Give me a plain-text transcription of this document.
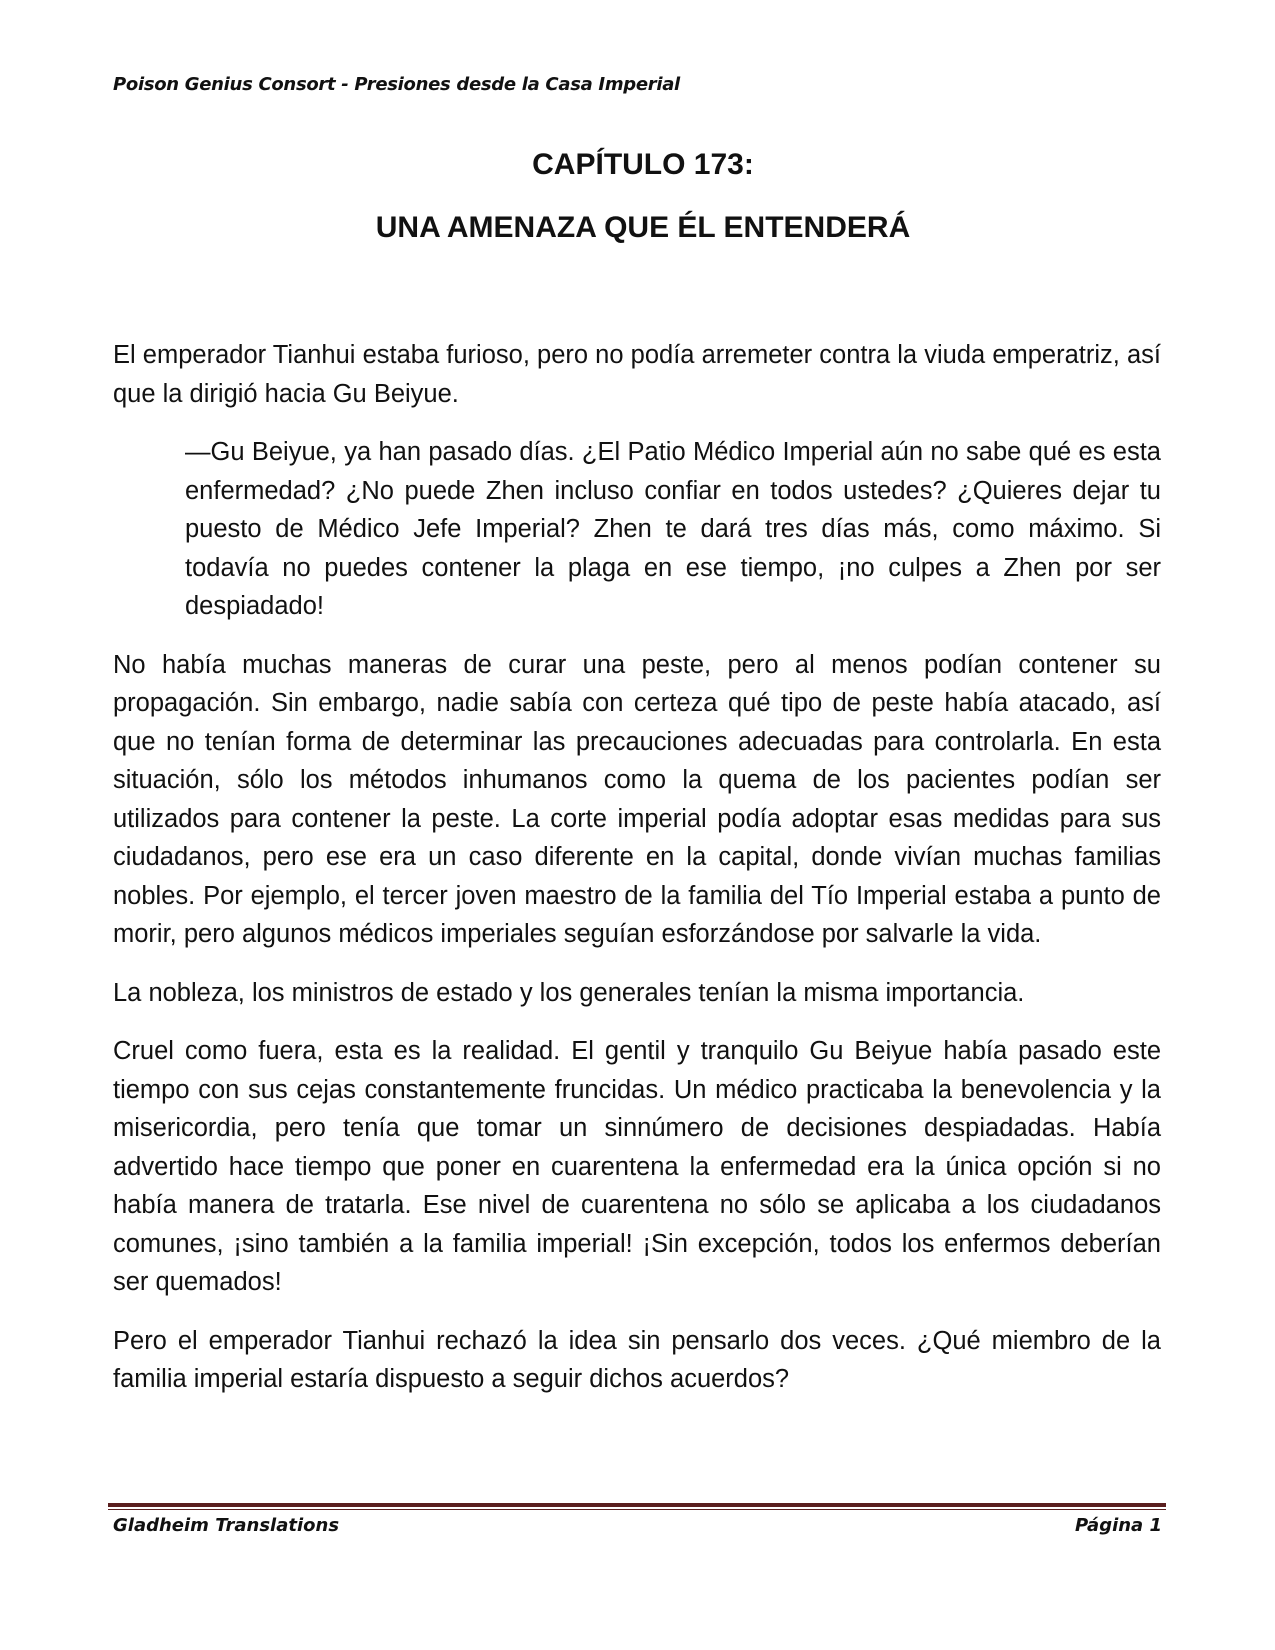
Poison Genius Consort - Presiones desde la Casa Imperial
CAPÍTULO 173:
UNA AMENAZA QUE ÉL ENTENDERÁ

El emperador Tianhui estaba furioso, pero no podía arremeter contra la viuda emperatriz, así que la dirigió hacia Gu Beiyue.

—Gu Beiyue, ya han pasado días. ¿El Patio Médico Imperial aún no sabe qué es esta enfermedad? ¿No puede Zhen incluso confiar en todos ustedes? ¿Quieres dejar tu puesto de Médico Jefe Imperial? Zhen te dará tres días más, como máximo. Si todavía no puedes contener la plaga en ese tiempo, ¡no culpes a Zhen por ser despiadado!

No había muchas maneras de curar una peste, pero al menos podían contener su propagación. Sin embargo, nadie sabía con certeza qué tipo de peste había atacado, así que no tenían forma de determinar las precauciones adecuadas para controlarla. En esta situación, sólo los métodos inhumanos como la quema de los pacientes podían ser utilizados para contener la peste. La corte imperial podía adoptar esas medidas para sus ciudadanos, pero ese era un caso diferente en la capital, donde vivían muchas familias nobles. Por ejemplo, el tercer joven maestro de la familia del Tío Imperial estaba a punto de morir, pero algunos médicos imperiales seguían esforzándose por salvarle la vida.

La nobleza, los ministros de estado y los generales tenían la misma importancia.

Cruel como fuera, esta es la realidad. El gentil y tranquilo Gu Beiyue había pasado este tiempo con sus cejas constantemente fruncidas. Un médico practicaba la benevolencia y la misericordia, pero tenía que tomar un sinnúmero de decisiones despiadadas. Había advertido hace tiempo que poner en cuarentena la enfermedad era la única opción si no había manera de tratarla. Ese nivel de cuarentena no sólo se aplicaba a los ciudadanos comunes, ¡sino también a la familia imperial! ¡Sin excepción, todos los enfermos deberían ser quemados!

Pero el emperador Tianhui rechazó la idea sin pensarlo dos veces. ¿Qué miembro de la familia imperial estaría dispuesto a seguir dichos acuerdos?

Gladheim Translations	Página 1
